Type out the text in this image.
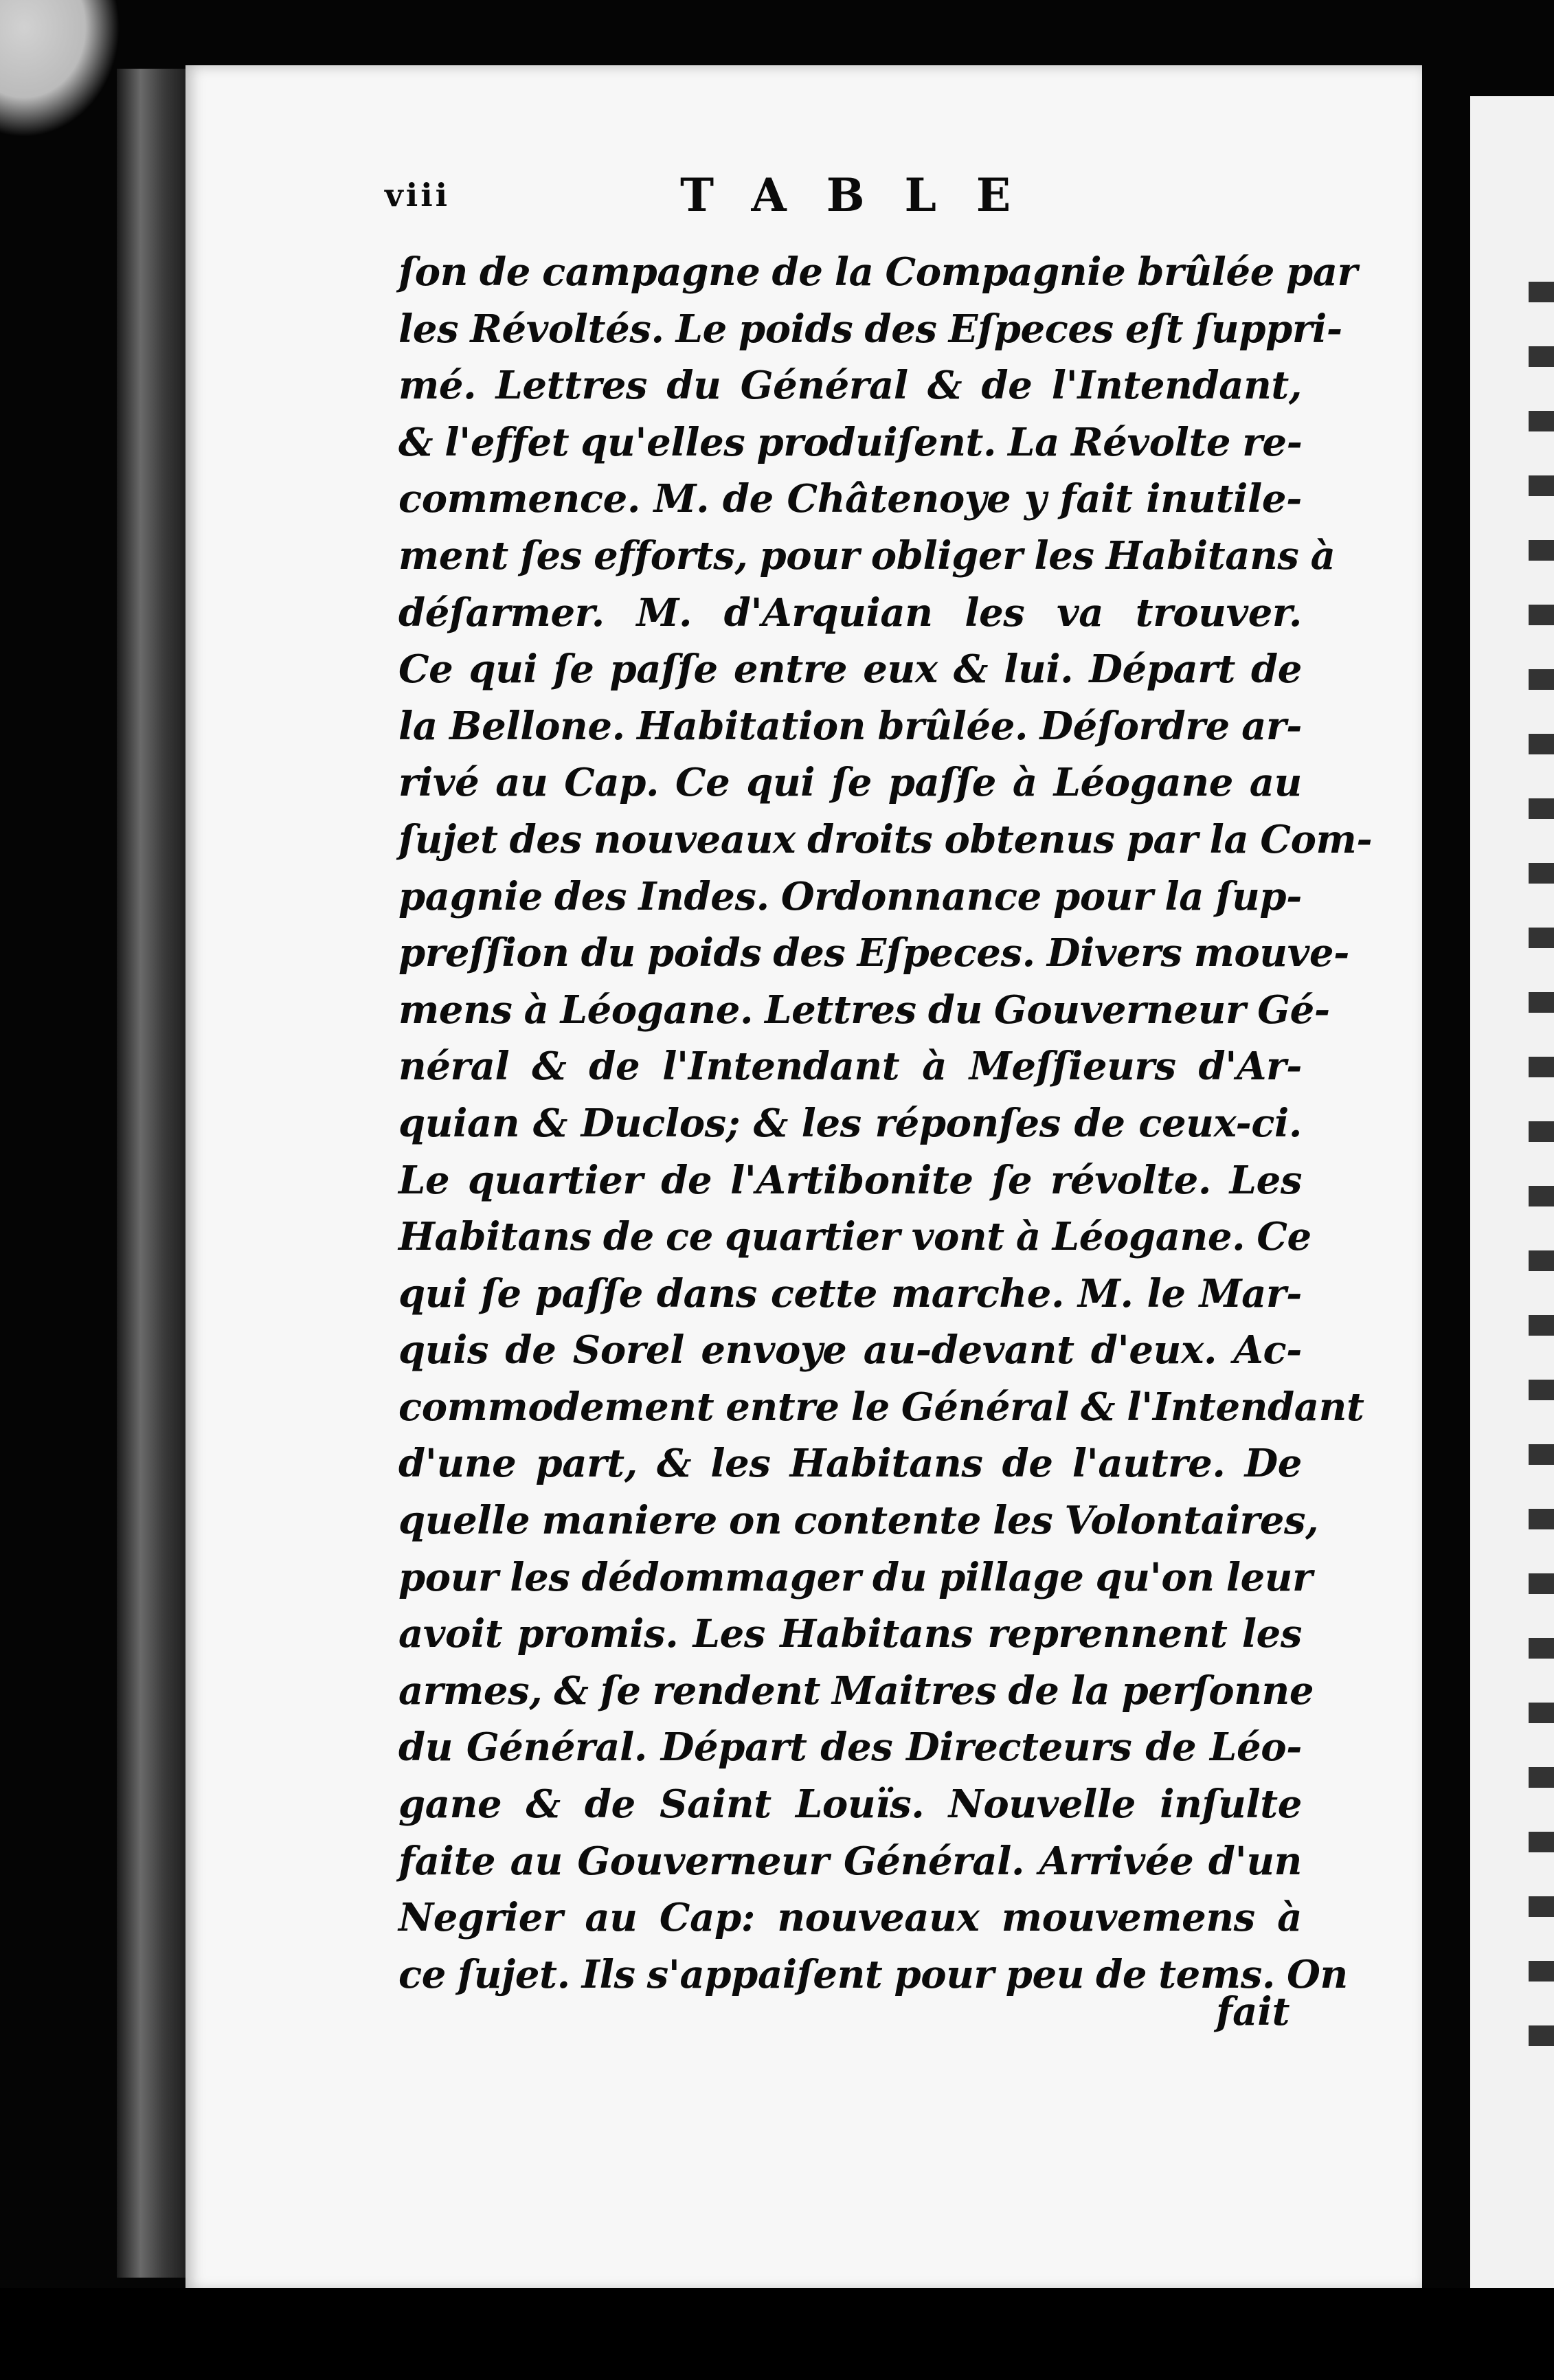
viii	TABLE
ſon de campagne de la Compagnie brûlée par
les Révoltés. Le poids des Eſpeces eſt ſuppri-
mé. Lettres du Général & de l'Intendant,
& l'effet qu'elles produiſent. La Révolte re-
commence. M. de Châtenoye y fait inutile-
ment ſes efforts, pour obliger les Habitans à
déſarmer. M. d'Arquian les va trouver.
Ce qui ſe paſſe entre eux & lui. Départ de
la Bellone. Habitation brûlée. Déſordre ar-
rivé au Cap. Ce qui ſe paſſe à Léogane au
ſujet des nouveaux droits obtenus par la Com-
pagnie des Indes. Ordonnance pour la ſup-
preſſion du poids des Eſpeces. Divers mouve-
mens à Léogane. Lettres du Gouverneur Gé-
néral & de l'Intendant à Meſſieurs d'Ar-
quian & Duclos; & les réponſes de ceux-ci.
Le quartier de l'Artibonite ſe révolte. Les
Habitans de ce quartier vont à Léogane. Ce
qui ſe paſſe dans cette marche. M. le Mar-
quis de Sorel envoye au-devant d'eux. Ac-
commodement entre le Général & l'Intendant
d'une part, & les Habitans de l'autre. De
quelle maniere on contente les Volontaires,
pour les dédommager du pillage qu'on leur
avoit promis. Les Habitans reprennent les
armes, & ſe rendent Maitres de la perſonne
du Général. Départ des Directeurs de Léo-
gane & de Saint Louïs. Nouvelle inſulte
faite au Gouverneur Général. Arrivée d'un
Negrier au Cap: nouveaux mouvemens à
ce ſujet. Ils s'appaiſent pour peu de tems. On
fait
